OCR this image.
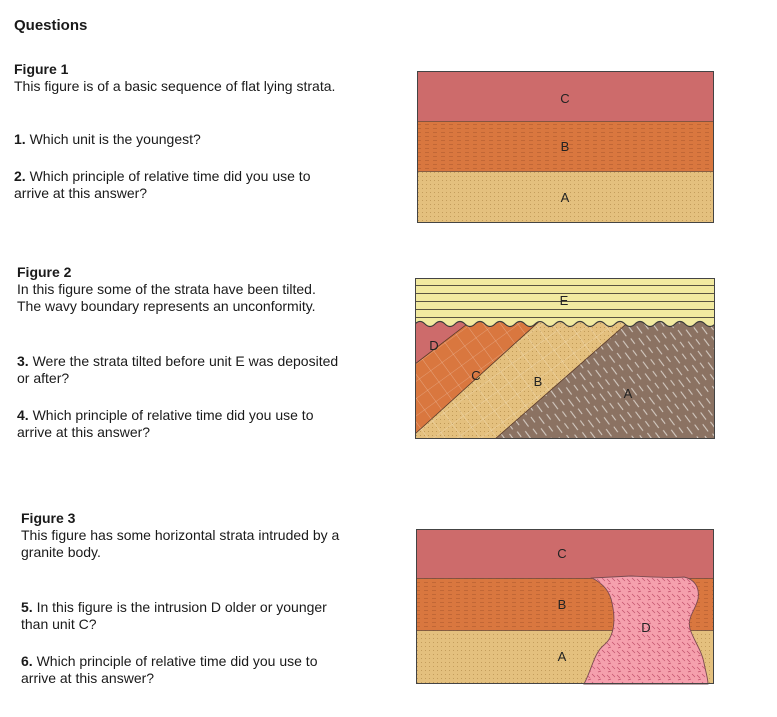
Questions
Figure 1
This figure is of a basic sequence of flat lying strata.
1. Which unit is the youngest?
2. Which principle of relative time did you use to
arrive at this answer?
Figure 2
In this figure some of the strata have been tilted.
The wavy boundary represents an unconformity.
3. Were the strata tilted before unit E was deposited
or after?
4. Which principle of relative time did you use to
arrive at this answer?
Figure 3
This figure has some horizontal strata intruded by a
granite body.
5. In this figure is the intrusion D older or younger
than unit C?
6. Which principle of relative time did you use to
arrive at this answer?
C
B
A
E
D
C	B
A
C
B
D
A
